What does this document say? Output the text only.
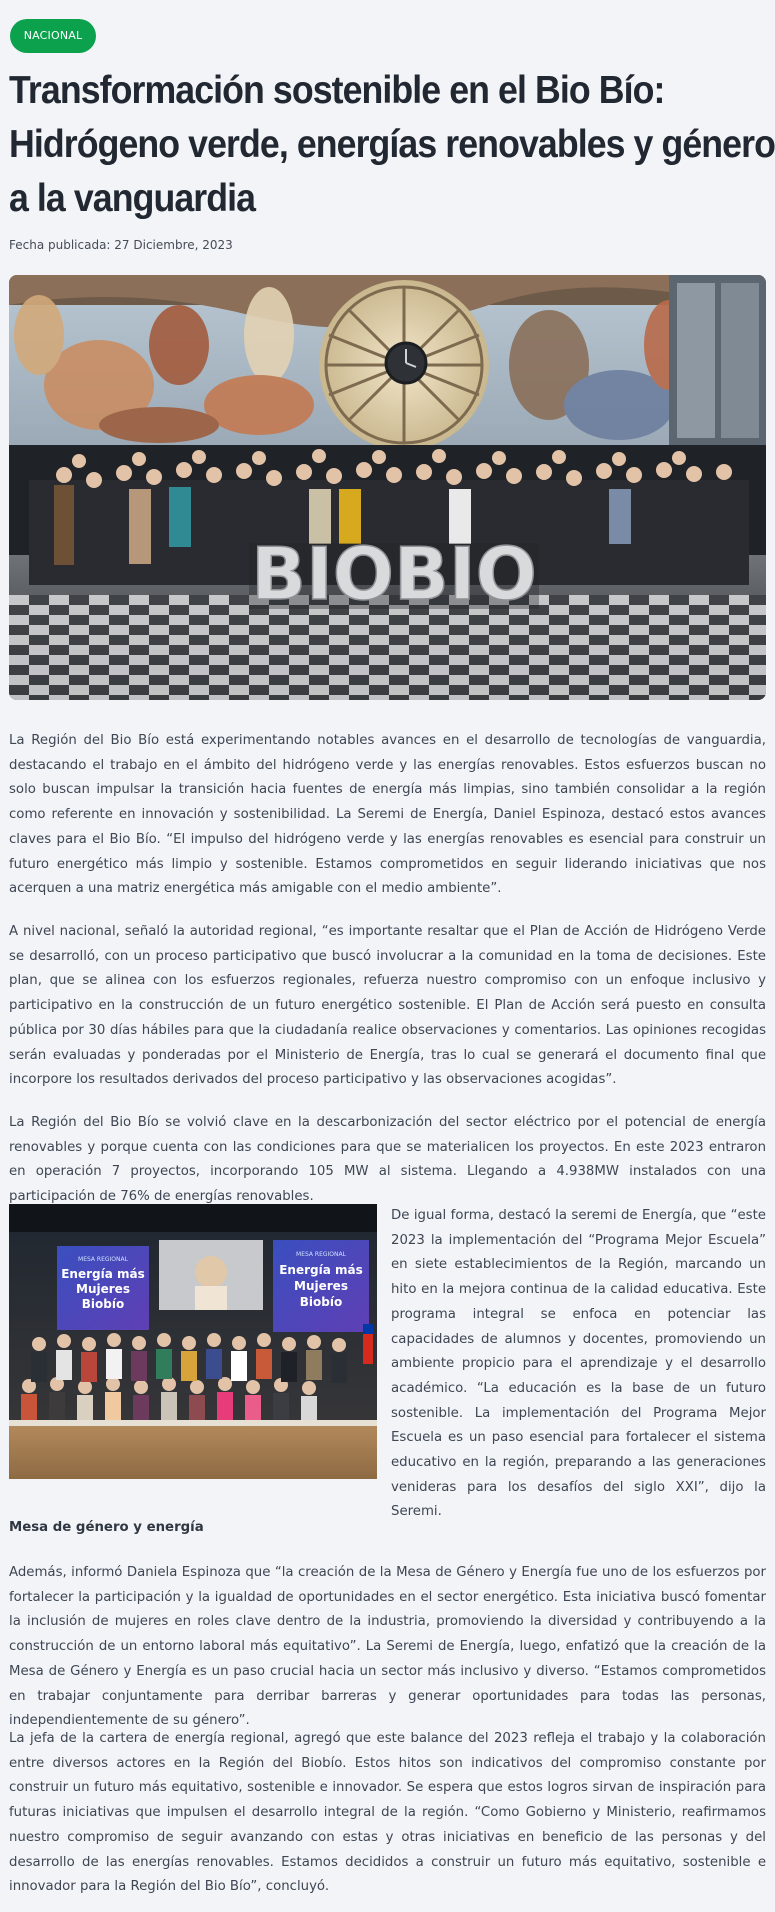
NACIONAL
Transformación sostenible en el Bio Bío:
Hidrógeno verde, energías renovables y género
a la vanguardia
Fecha publicada: 27 Diciembre, 2023
BIOBIO

La Región del Bio Bío está experimentando notables avances en el desarrollo de tecnologías de vanguardia, destacando el trabajo en el ámbito del hidrógeno verde y las energías renovables. Estos esfuerzos buscan no solo buscan impulsar la transición hacia fuentes de energía más limpias, sino también consolidar a la región como referente en innovación y sostenibilidad. La Seremi de Energía, Daniel Espinoza, destacó estos avances claves para el Bio Bío. “El impulso del hidrógeno verde y las energías renovables es esencial para construir un futuro energético más limpio y sostenible. Estamos comprometidos en seguir liderando iniciativas que nos acerquen a una matriz energética más amigable con el medio ambiente”.

A nivel nacional, señaló la autoridad regional, “es importante resaltar que el Plan de Acción de Hidrógeno Verde se desarrolló, con un proceso participativo que buscó involucrar a la comunidad en la toma de decisiones. Este plan, que se alinea con los esfuerzos regionales, refuerza nuestro compromiso con un enfoque inclusivo y participativo en la construcción de un futuro energético sostenible. El Plan de Acción será puesto en consulta pública por 30 días hábiles para que la ciudadanía realice observaciones y comentarios. Las opiniones recogidas serán evaluadas y ponderadas por el Ministerio de Energía, tras lo cual se generará el documento final que incorpore los resultados derivados del proceso participativo y las observaciones acogidas”.

La Región del Bio Bío se volvió clave en la descarbonización del sector eléctrico por el potencial de energía renovables y porque cuenta con las condiciones para que se materialicen los proyectos. En este 2023 entraron en operación 7 proyectos, incorporando 105 MW al sistema. Llegando a 4.938MW instalados con una participación de 76% de energías renovables.

MESA REGIONAL
Energía más
Mujeres
Biobío
MESA REGIONAL
Energía más
Mujeres
Biobío

De igual forma, destacó la seremi de Energía, que “este 2023 la implementación del “Programa Mejor Escuela” en siete establecimientos de la Región, marcando un hito en la mejora continua de la calidad educativa. Este programa integral se enfoca en potenciar las capacidades de alumnos y docentes, promoviendo un ambiente propicio para el aprendizaje y el desarrollo académico. “La educación es la base de un futuro sostenible. La implementación del Programa Mejor Escuela es un paso esencial para fortalecer el sistema educativo en la región, preparando a las generaciones venideras para los desafíos del siglo XXI”, dijo la Seremi.

Mesa de género y energía

Además, informó Daniela Espinoza que “la creación de la Mesa de Género y Energía fue uno de los esfuerzos por fortalecer la participación y la igualdad de oportunidades en el sector energético. Esta iniciativa buscó fomentar la inclusión de mujeres en roles clave dentro de la industria, promoviendo la diversidad y contribuyendo a la construcción de un entorno laboral más equitativo”. La Seremi de Energía, luego, enfatizó que la creación de la Mesa de Género y Energía es un paso crucial hacia un sector más inclusivo y diverso. “Estamos comprometidos en trabajar conjuntamente para derribar barreras y generar oportunidades para todas las personas, independientemente de su género”.

La jefa de la cartera de energía regional, agregó que este balance del 2023 refleja el trabajo y la colaboración entre diversos actores en la Región del Biobío. Estos hitos son indicativos del compromiso constante por construir un futuro más equitativo, sostenible e innovador. Se espera que estos logros sirvan de inspiración para futuras iniciativas que impulsen el desarrollo integral de la región. “Como Gobierno y Ministerio, reafirmamos nuestro compromiso de seguir avanzando con estas y otras iniciativas en beneficio de las personas y del desarrollo de las energías renovables. Estamos decididos a construir un futuro más equitativo, sostenible e innovador para la Región del Bio Bío”, concluyó.
